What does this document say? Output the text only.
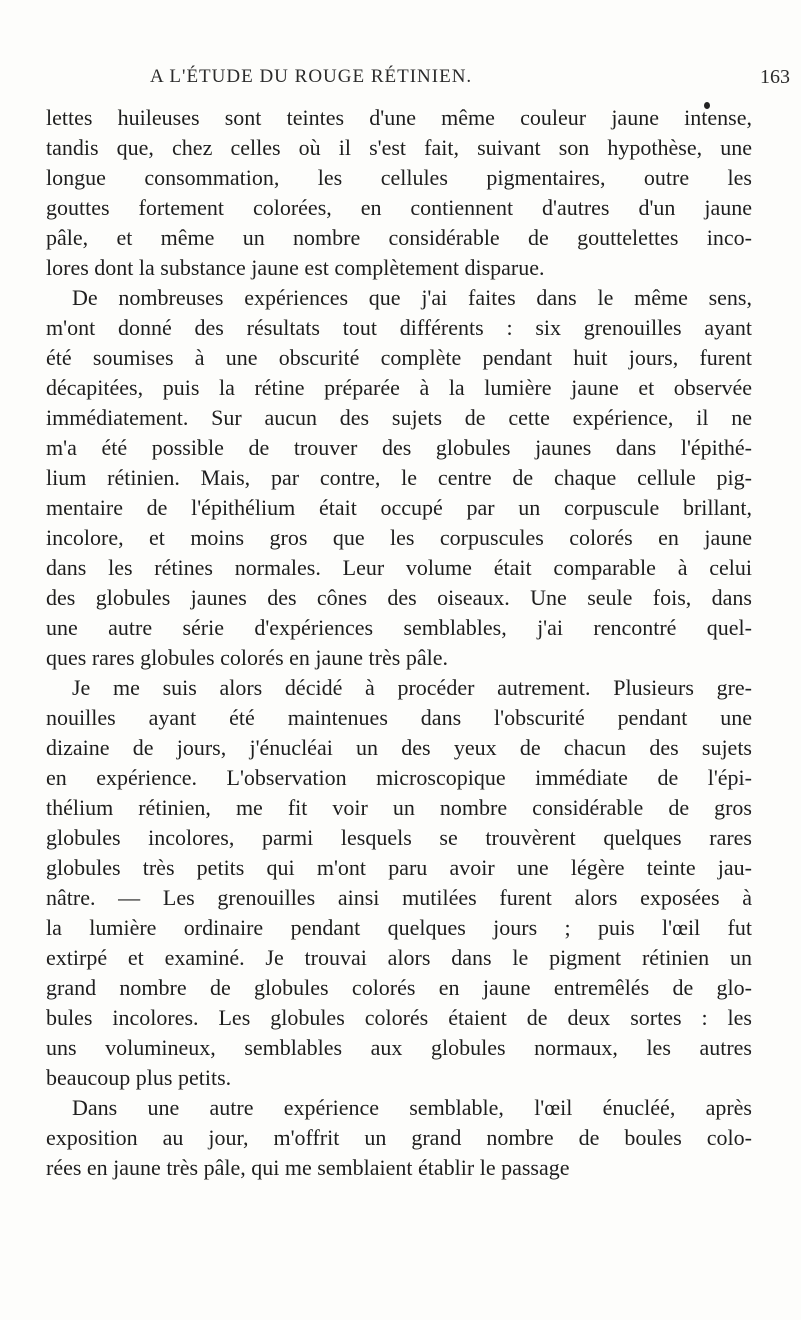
A L'ÉTUDE DU ROUGE RÉTINIEN.	163
lettes huileuses sont teintes d'une même couleur jaune intense,
tandis que, chez celles où il s'est fait, suivant son hypothèse, une
longue consommation, les cellules pigmentaires, outre les
gouttes fortement colorées, en contiennent d'autres d'un jaune
pâle, et même un nombre considérable de gouttelettes inco-
lores dont la substance jaune est complètement disparue.
De nombreuses expériences que j'ai faites dans le même sens,
m'ont donné des résultats tout différents : six grenouilles ayant
été soumises à une obscurité complète pendant huit jours, furent
décapitées, puis la rétine préparée à la lumière jaune et observée
immédiatement. Sur aucun des sujets de cette expérience, il ne
m'a été possible de trouver des globules jaunes dans l'épithé-
lium rétinien. Mais, par contre, le centre de chaque cellule pig-
mentaire de l'épithélium était occupé par un corpuscule brillant,
incolore, et moins gros que les corpuscules colorés en jaune
dans les rétines normales. Leur volume était comparable à celui
des globules jaunes des cônes des oiseaux. Une seule fois, dans
une autre série d'expériences semblables, j'ai rencontré quel-
ques rares globules colorés en jaune très pâle.
Je me suis alors décidé à procéder autrement. Plusieurs gre-
nouilles ayant été maintenues dans l'obscurité pendant une
dizaine de jours, j'énucléai un des yeux de chacun des sujets
en expérience. L'observation microscopique immédiate de l'épi-
thélium rétinien, me fit voir un nombre considérable de gros
globules incolores, parmi lesquels se trouvèrent quelques rares
globules très petits qui m'ont paru avoir une légère teinte jau-
nâtre. — Les grenouilles ainsi mutilées furent alors exposées à
la lumière ordinaire pendant quelques jours ; puis l'œil fut
extirpé et examiné. Je trouvai alors dans le pigment rétinien un
grand nombre de globules colorés en jaune entremêlés de glo-
bules incolores. Les globules colorés étaient de deux sortes : les
uns volumineux, semblables aux globules normaux, les autres
beaucoup plus petits.
Dans une autre expérience semblable, l'œil énucléé, après
exposition au jour, m'offrit un grand nombre de boules colo-
rées en jaune très pâle, qui me semblaient établir le passage
